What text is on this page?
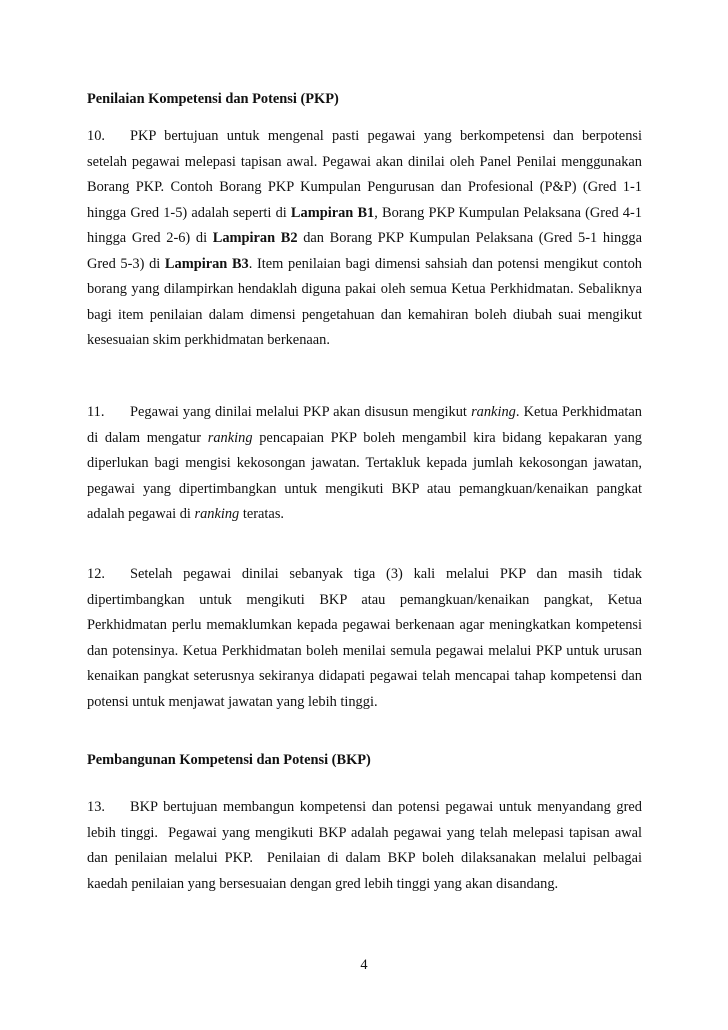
Penilaian Kompetensi dan Potensi (PKP)

10. PKP bertujuan untuk mengenal pasti pegawai yang berkompetensi dan berpotensi setelah pegawai melepasi tapisan awal. Pegawai akan dinilai oleh Panel Penilai menggunakan Borang PKP. Contoh Borang PKP Kumpulan Pengurusan dan Profesional (P&P) (Gred 1-1 hingga Gred 1-5) adalah seperti di Lampiran B1, Borang PKP Kumpulan Pelaksana (Gred 4-1 hingga Gred 2-6) di Lampiran B2 dan Borang PKP Kumpulan Pelaksana (Gred 5-1 hingga Gred 5-3) di Lampiran B3. Item penilaian bagi dimensi sahsiah dan potensi mengikut contoh borang yang dilampirkan hendaklah diguna pakai oleh semua Ketua Perkhidmatan. Sebaliknya bagi item penilaian dalam dimensi pengetahuan dan kemahiran boleh diubah suai mengikut kesesuaian skim perkhidmatan berkenaan.

11. Pegawai yang dinilai melalui PKP akan disusun mengikut ranking. Ketua Perkhidmatan di dalam mengatur ranking pencapaian PKP boleh mengambil kira bidang kepakaran yang diperlukan bagi mengisi kekosongan jawatan. Tertakluk kepada jumlah kekosongan jawatan, pegawai yang dipertimbangkan untuk mengikuti BKP atau pemangkuan/kenaikan pangkat adalah pegawai di ranking teratas.

12. Setelah pegawai dinilai sebanyak tiga (3) kali melalui PKP dan masih tidak dipertimbangkan untuk mengikuti BKP atau pemangkuan/kenaikan pangkat, Ketua Perkhidmatan perlu memaklumkan kepada pegawai berkenaan agar meningkatkan kompetensi dan potensinya. Ketua Perkhidmatan boleh menilai semula pegawai melalui PKP untuk urusan kenaikan pangkat seterusnya sekiranya didapati pegawai telah mencapai tahap kompetensi dan potensi untuk menjawat jawatan yang lebih tinggi.

Pembangunan Kompetensi dan Potensi (BKP)

13. BKP bertujuan membangun kompetensi dan potensi pegawai untuk menyandang gred lebih tinggi.  Pegawai yang mengikuti BKP adalah pegawai yang telah melepasi tapisan awal dan penilaian melalui PKP.  Penilaian di dalam BKP boleh dilaksanakan melalui pelbagai kaedah penilaian yang bersesuaian dengan gred lebih tinggi yang akan disandang.

4
